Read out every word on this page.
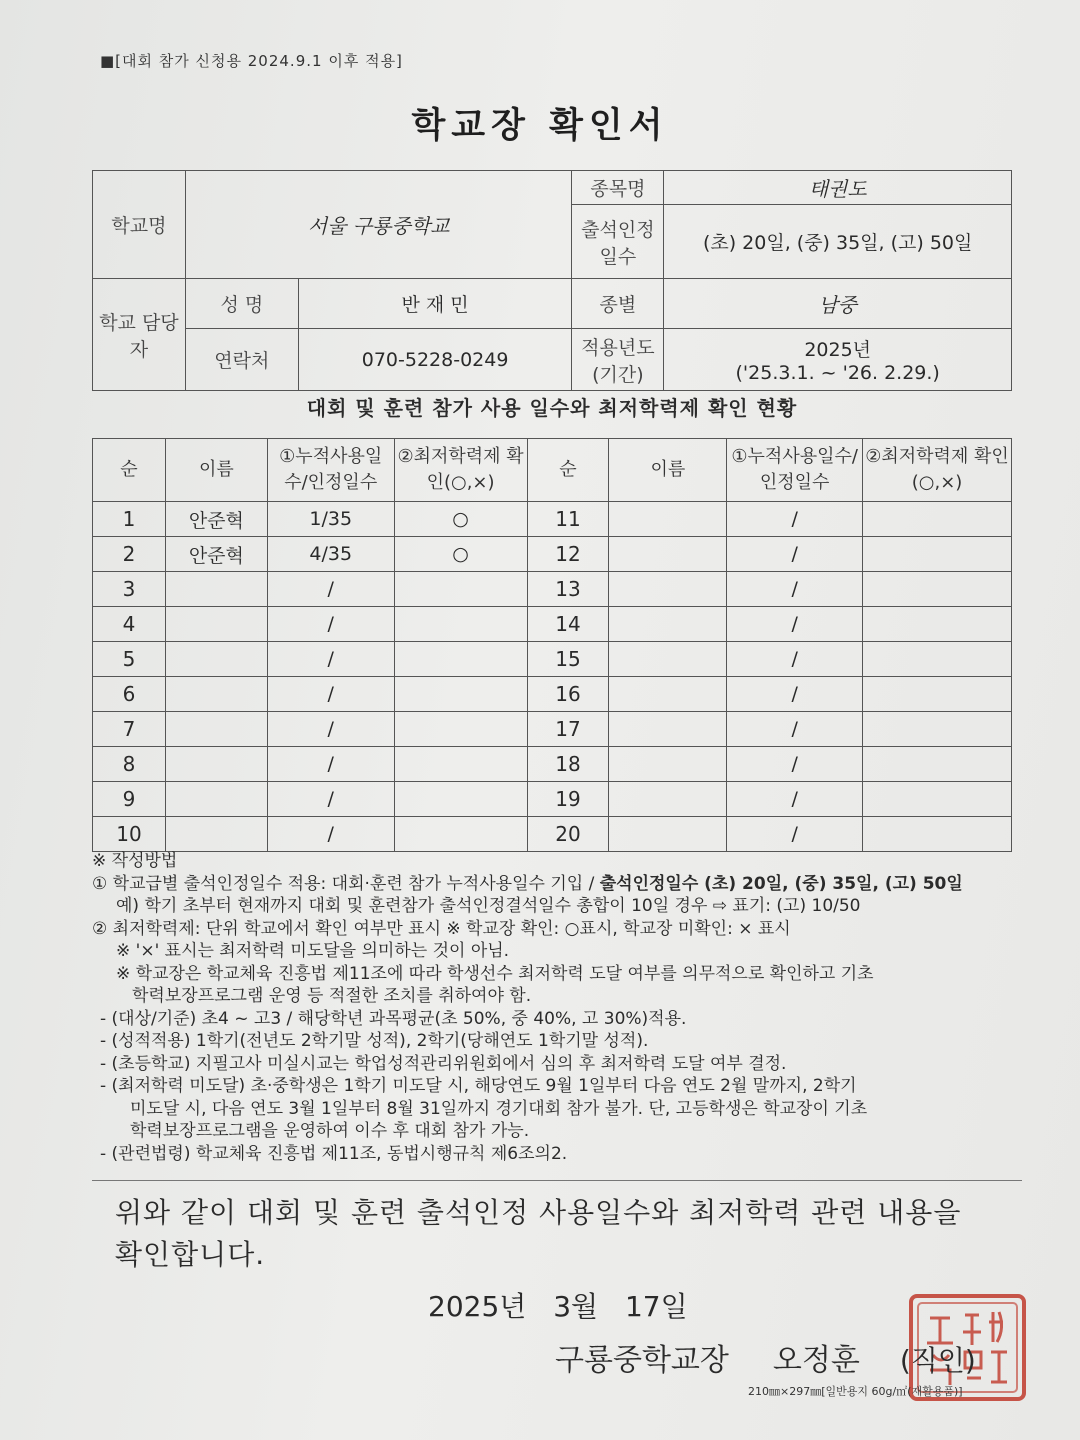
■[대회 참가 신청용 2024.9.1 이후 적용]
학교장 확인서
학교명	서울 구룡중학교		종목명	태권도
			출석인정 일수	(초) 20일, (중) 35일, (고) 50일
학교 담당자	성 명	반 재 민	종별	남중
	연락처	070-5228-0249	적용년도 (기간)	2025년
('25.3.1. ~ '26. 2.29.)
대회 및 훈련 참가 사용 일수와 최저학력제 확인 현황
순	이름	①누적사용일수/인정일수	②최저학력제 확인(○,×)	순	이름	①누적사용일수/인정일수	②최저학력제 확인(○,×)
1	안준혁	1/35	○	11		/	
2	안준혁	4/35	○	12		/	
3		/		13		/	
4		/		14		/	
5		/		15		/	
6		/		16		/	
7		/		17		/	
8		/		18		/	
9		/		19		/	
10		/		20		/	
※ 작성방법
① 학교급별 출석인정일수 적용: 대회·훈련 참가 누적사용일수 기입 / 출석인정일수 (초) 20일, (중) 35일, (고) 50일
예) 학기 초부터 현재까지 대회 및 훈련참가 출석인정결석일수 총합이 10일 경우 ⇨ 표기: (고) 10/50
② 최저학력제: 단위 학교에서 확인 여부만 표시 ※ 학교장 확인: ○표시, 학교장 미확인: × 표시
※ '×' 표시는 최저학력 미도달을 의미하는 것이 아님.
※ 학교장은 학교체육 진흥법 제11조에 따라 학생선수 최저학력 도달 여부를 의무적으로 확인하고 기초
학력보장프로그램 운영 등 적절한 조치를 취하여야 함.
- (대상/기준) 초4 ~ 고3 / 해당학년 과목평균(초 50%, 중 40%, 고 30%)적용.
- (성적적용) 1학기(전년도 2학기말 성적), 2학기(당해연도 1학기말 성적).
- (초등학교) 지필고사 미실시교는 학업성적관리위원회에서 심의 후 최저학력 도달 여부 결정.
- (최저학력 미도달) 초·중학생은 1학기 미도달 시, 해당연도 9월 1일부터 다음 연도 2월 말까지, 2학기
미도달 시, 다음 연도 3월 1일부터 8월 31일까지 경기대회 참가 불가. 단, 고등학생은 학교장이 기초
학력보장프로그램을 운영하여 이수 후 대회 참가 가능.
- (관련법령) 학교체육 진흥법 제11조, 동법시행규칙 제6조의2.
위와 같이 대회 및 훈련 출석인정 사용일수와 최저학력 관련 내용을
확인합니다.
2025년 3월 17일
구룡중학교장 오정훈 (직인)
210㎜×297㎜[일반용지 60g/㎡(재활용품)]
